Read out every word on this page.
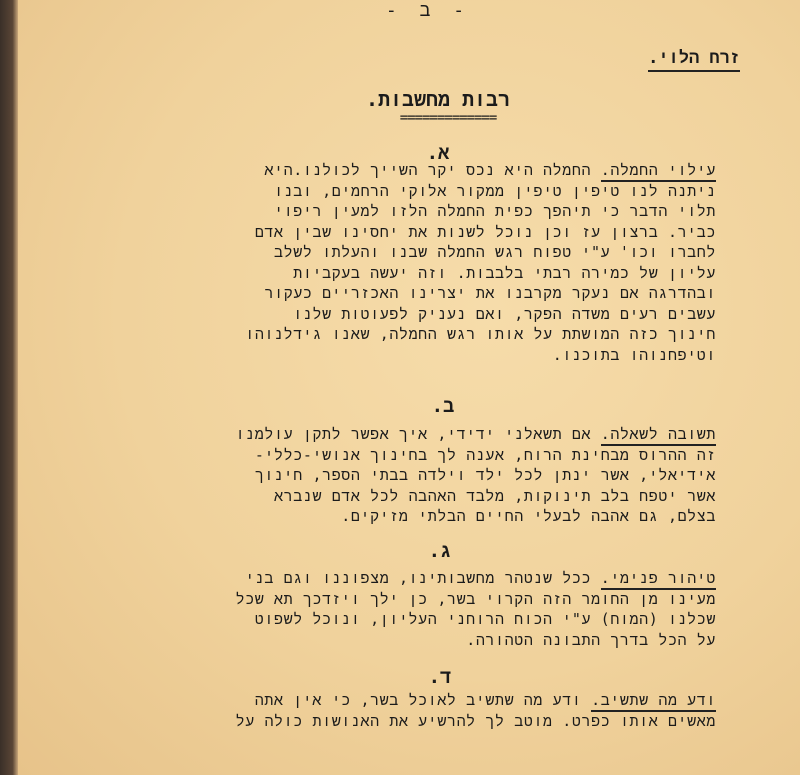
- ב -
זרח הלוי.
רבות מחשבות.
=============
א.
עילוי החמלה. החמלה היא נכס יקר השייך לכולנו.היא
ניתנה לנו טיפין טיפין ממקור אלוקי הרחמים, ובנו
תלוי הדבר כי תיהפך כפית החמלה הלזו למעין ריפוי
כביר. ברצון עז וכן נוכל לשנות את יחסינו שבין אדם
לחברו וכו' ע"י טפוח רגש החמלה שבנו והעלתו לשלב
עליון של כמירה רבתי בלבבות. וזה יעשה בעקביות
ובהדרגה אם נעקר מקרבנו את יצרינו האכזריים כעקור
עשבים רעים משדה הפקר, ואם נעניק לפעוטות שלנו
חינוך כזה המושתת על אותו רגש החמלה, שאנו גידלנוהו
וטיפחנוהו בתוכנו.
ב.
תשובה לשאלה. אם תשאלני ידידי, איך אפשר לתקן עולמנו
זה ההרוס מבחינת הרוח, אענה לך בחינוך אנושי-כללי-
אידיאלי, אשר ינתן לכל ילד וילדה בבתי הספר, חינוך
אשר יטפח בלב תינוקות, מלבד האהבה לכל אדם שנברא
בצלם, גם אהבה לבעלי החיים הבלתי מזיקים.
ג.
טיהור פנימי. ככל שנטהר מחשבותינו, מצפוננו וגם בני
מעינו מן החומר הזה הקרוי בשר, כן ילך ויזדכך תא שכל
שכלנו (המוח) ע"י הכוח הרוחני העליון, ונוכל לשפוט
על הכל בדרך התבונה הטהורה.
ד.
ודע מה שתשיב. ודע מה שתשיב לאוכל בשר, כי אין אתה
מאשים אותו כפרט. מוטב לך להרשיע את האנושות כולה על
